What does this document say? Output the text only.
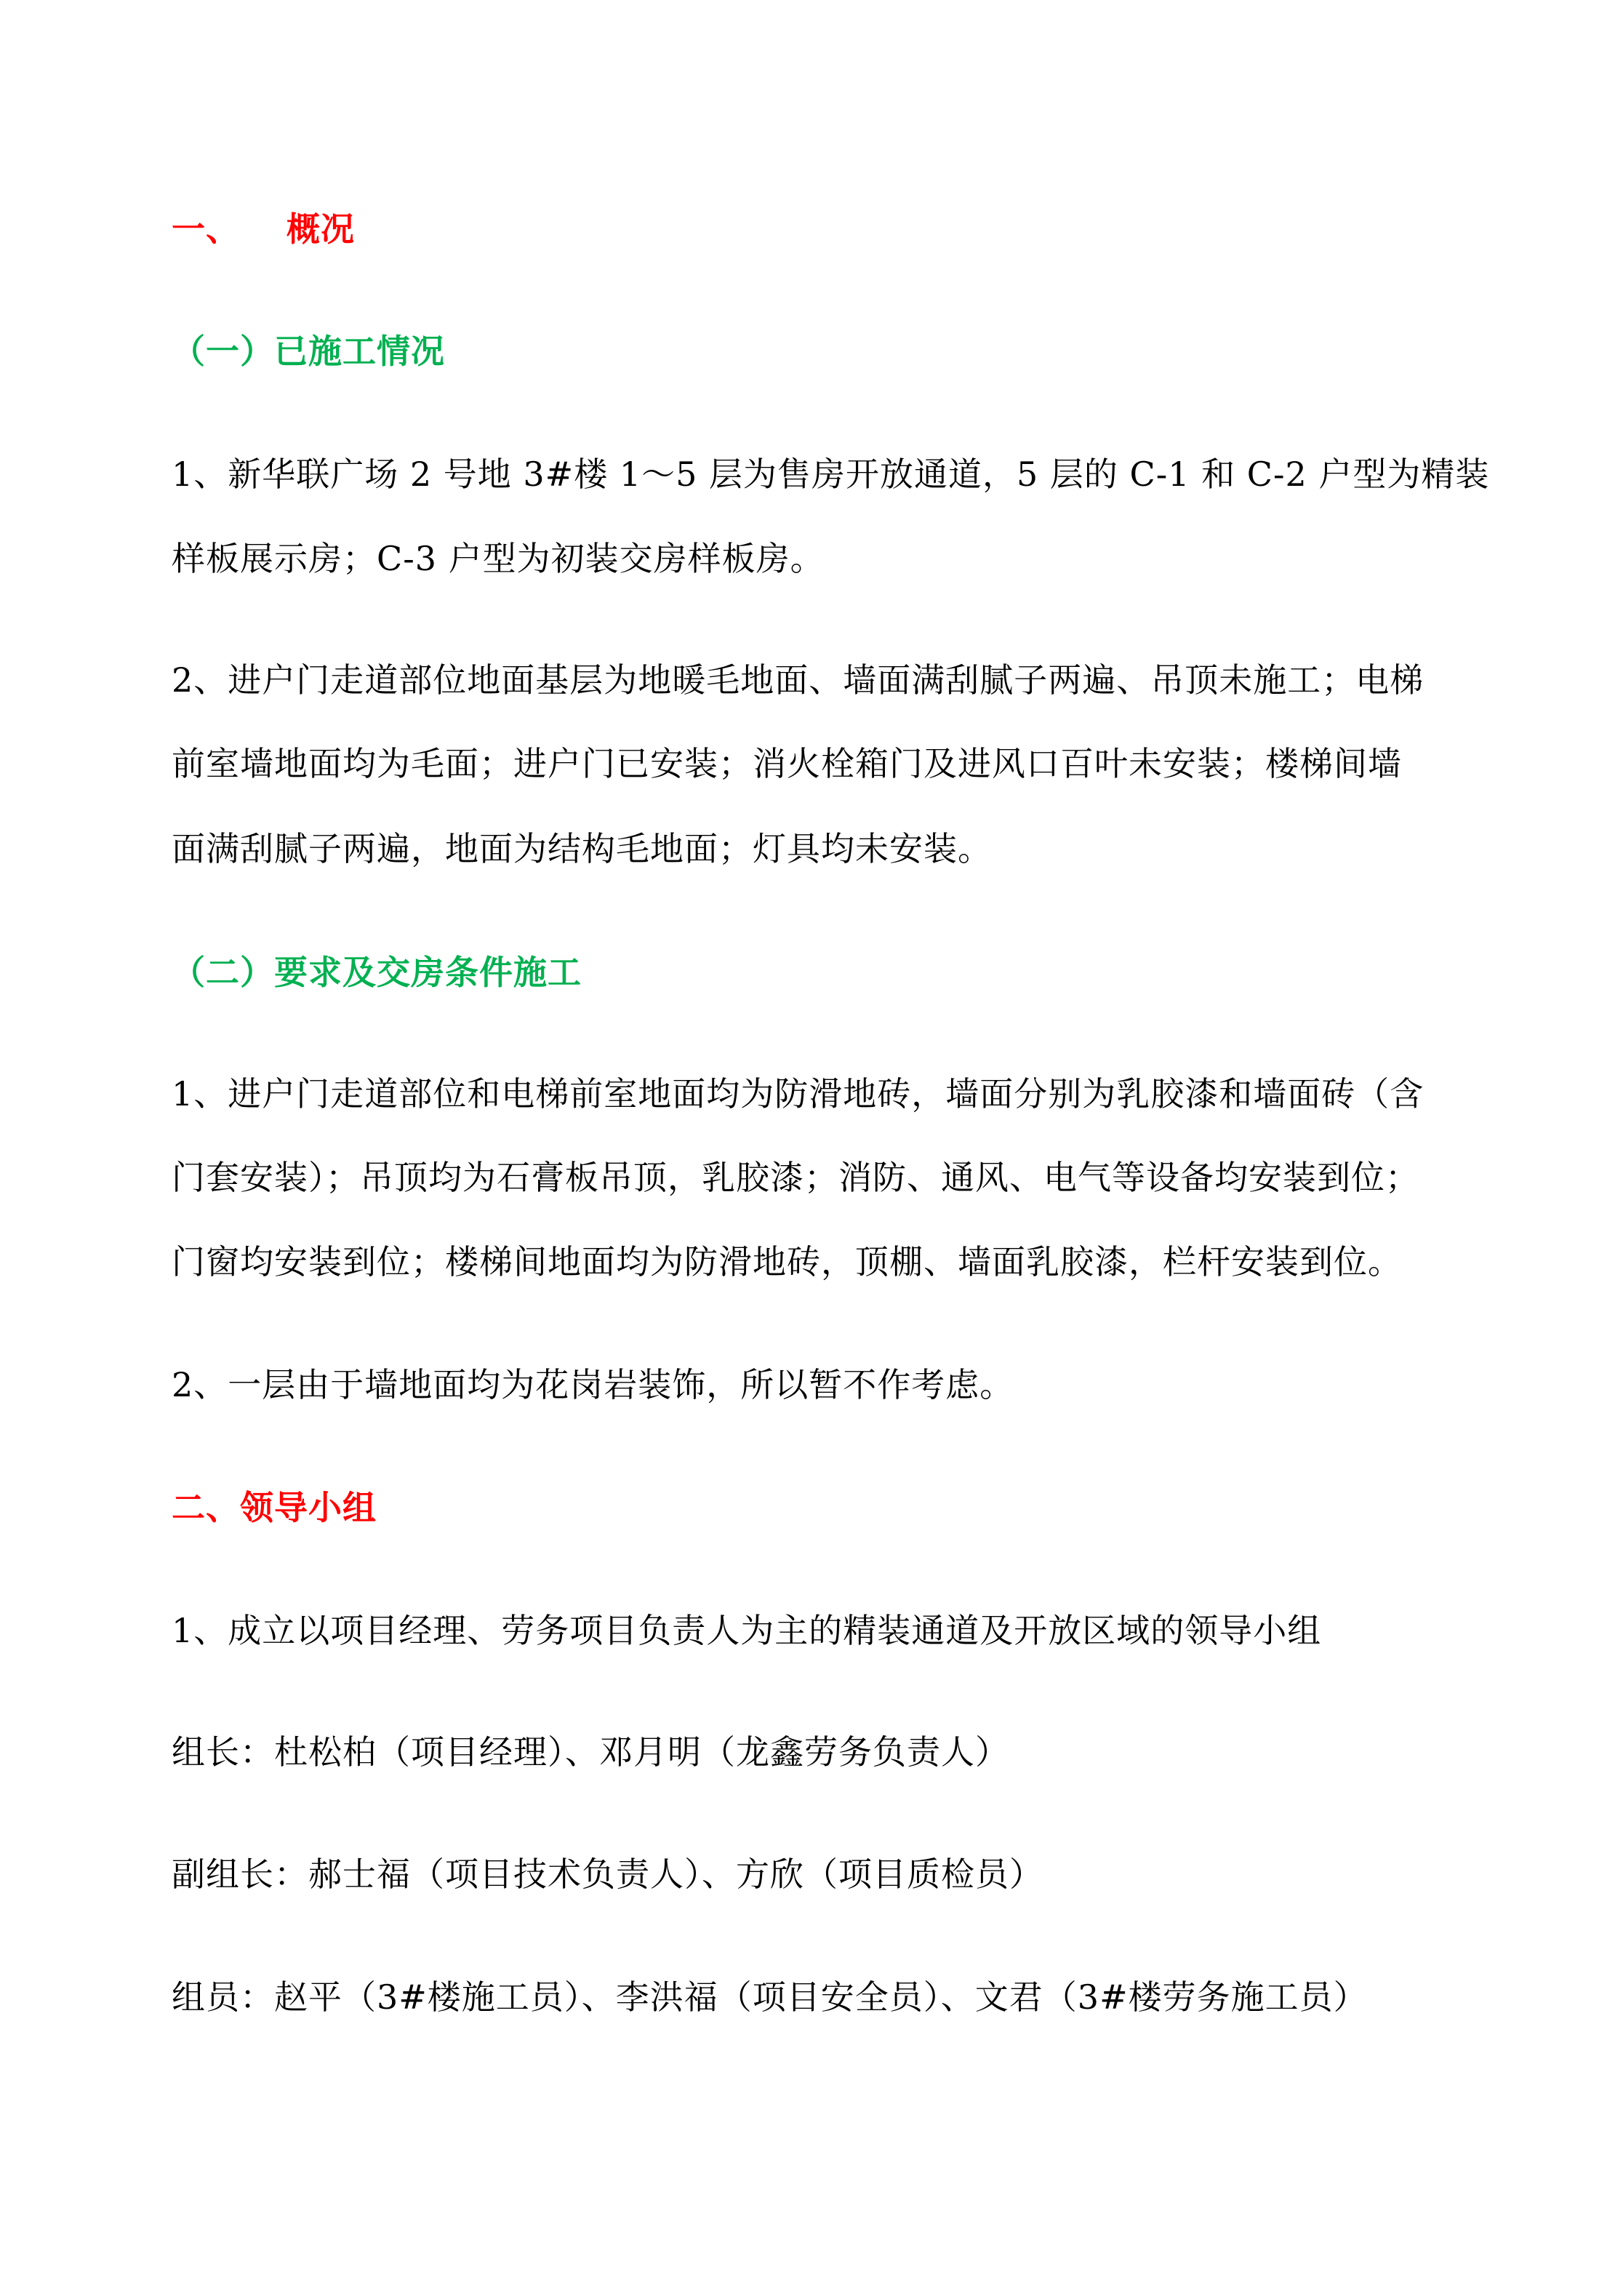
一、 概况
（一）已施工情况
1、新华联广场 2 号地 3#楼 1～5 层为售房开放通道，5 层的 C-1 和 C-2 户型为精装
样板展示房；C-3 户型为初装交房样板房。
2、进户门走道部位地面基层为地暖毛地面、墙面满刮腻子两遍、吊顶未施工；电梯
前室墙地面均为毛面；进户门已安装；消火栓箱门及进风口百叶未安装；楼梯间墙
面满刮腻子两遍，地面为结构毛地面；灯具均未安装。
（二）要求及交房条件施工
1、进户门走道部位和电梯前室地面均为防滑地砖，墙面分别为乳胶漆和墙面砖（含
门套安装）；吊顶均为石膏板吊顶，乳胶漆；消防、通风、电气等设备均安装到位；
门窗均安装到位；楼梯间地面均为防滑地砖，顶棚、墙面乳胶漆，栏杆安装到位。
2、一层由于墙地面均为花岗岩装饰，所以暂不作考虑。
二、领导小组
1、成立以项目经理、劳务项目负责人为主的精装通道及开放区域的领导小组
组长：杜松柏（项目经理）、邓月明（龙鑫劳务负责人）
副组长：郝士福（项目技术负责人）、方欣（项目质检员）
组员：赵平（3#楼施工员）、李洪福（项目安全员）、文君（3#楼劳务施工员）
